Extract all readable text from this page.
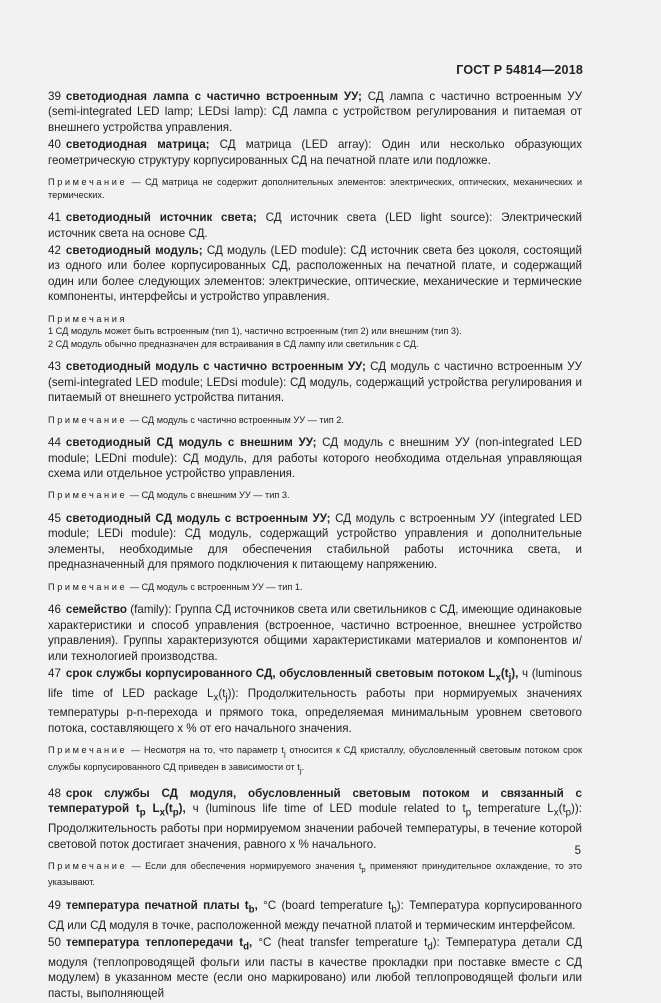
ГОСТ Р 54814—2018

39 светодиодная лампа с частично встроенным УУ; СД лампа с частично встроенным УУ (semi-integrated LED lamp; LEDsi lamp): СД лампа с устройством регулирования и питаемая от внешнего устройства управления.

40 светодиодная матрица; СД матрица (LED array): Один или несколько образующих геометрическую структуру корпусированных СД на печатной плате или подложке.

Примечание — СД матрица не содержит дополнительных элементов: электрических, оптических, механических и термических.

41 светодиодный источник света; СД источник света (LED light source): Электрический источник света на основе СД.

42 светодиодный модуль; СД модуль (LED module): СД источник света без цоколя, состоящий из одного или более корпусированных СД, расположенных на печатной плате, и содержащий один или более следующих элементов: электрические, оптические, механические и термические компоненты, интерфейсы и устройство управления.

Примечания
1 СД модуль может быть встроенным (тип 1), частично встроенным (тип 2) или внешним (тип 3).
2 СД модуль обычно предназначен для встраивания в СД лампу или светильник с СД.

43 светодиодный модуль с частично встроенным УУ; СД модуль с частично встроенным УУ (semi-integrated LED module; LEDsi module): СД модуль, содержащий устройства регулирования и питаемый от внешнего устройства питания.

Примечание — СД модуль с частично встроенным УУ — тип 2.

44 светодиодный СД модуль с внешним УУ; СД модуль с внешним УУ (non-integrated LED module; LEDni module): СД модуль, для работы которого необходима отдельная управляющая схема или отдельное устройство управления.

Примечание — СД модуль с внешним УУ — тип 3.

45 светодиодный СД модуль с встроенным УУ; СД модуль с встроенным УУ (integrated LED module; LEDi module): СД модуль, содержащий устройство управления и дополнительные элементы, необходимые для обеспечения стабильной работы источника света, и предназначенный для прямого подключения к питающему напряжению.

Примечание — СД модуль с встроенным УУ — тип 1.

46 семейство (family): Группа СД источников света или светильников с СД, имеющие одинаковые характеристики и способ управления (встроенное, частично встроенное, внешнее устройство управления). Группы характеризуются общими характеристиками материалов и компонентов и/или технологией производства.

47 срок службы корпусированного СД, обусловленный световым потоком $L_x(t_j)$, ч (luminous life time of LED package $L_x(t_j)$): Продолжительность работы при нормируемых значениях температуры p-n-перехода и прямого тока, определяемая минимальным уровнем светового потока, составляющего x % от его начального значения.

Примечание — Несмотря на то, что параметр $t_j$ относится к СД кристаллу, обусловленный световым потоком срок службы корпусированного СД приведен в зависимости от $t_j$.

48 срок службы СД модуля, обусловленный световым потоком и связанный с температурой $t_p$ $L_x(t_p)$, ч (luminous life time of LED module related to $t_p$ temperature $L_x(t_p)$): Продолжительность работы при нормируемом значении рабочей температуры, в течение которой световой поток достигает значения, равного x % начального.

Примечание — Если для обеспечения нормируемого значения $t_p$ применяют принудительное охлаждение, то это указывают.

49 температура печатной платы $t_b$, °C (board temperature $t_b$): Температура корпусированного СД или СД модуля в точке, расположенной между печатной платой и термическим интерфейсом.

50 температура теплопередачи $t_d$, °C (heat transfer temperature $t_d$): Температура детали СД модуля (теплопроводящей фольги или пасты в качестве прокладки при поставке вместе с СД модулем) в указанном месте (если оно маркировано) или любой теплопроводящей фольги или пасты, выполняющей

5
